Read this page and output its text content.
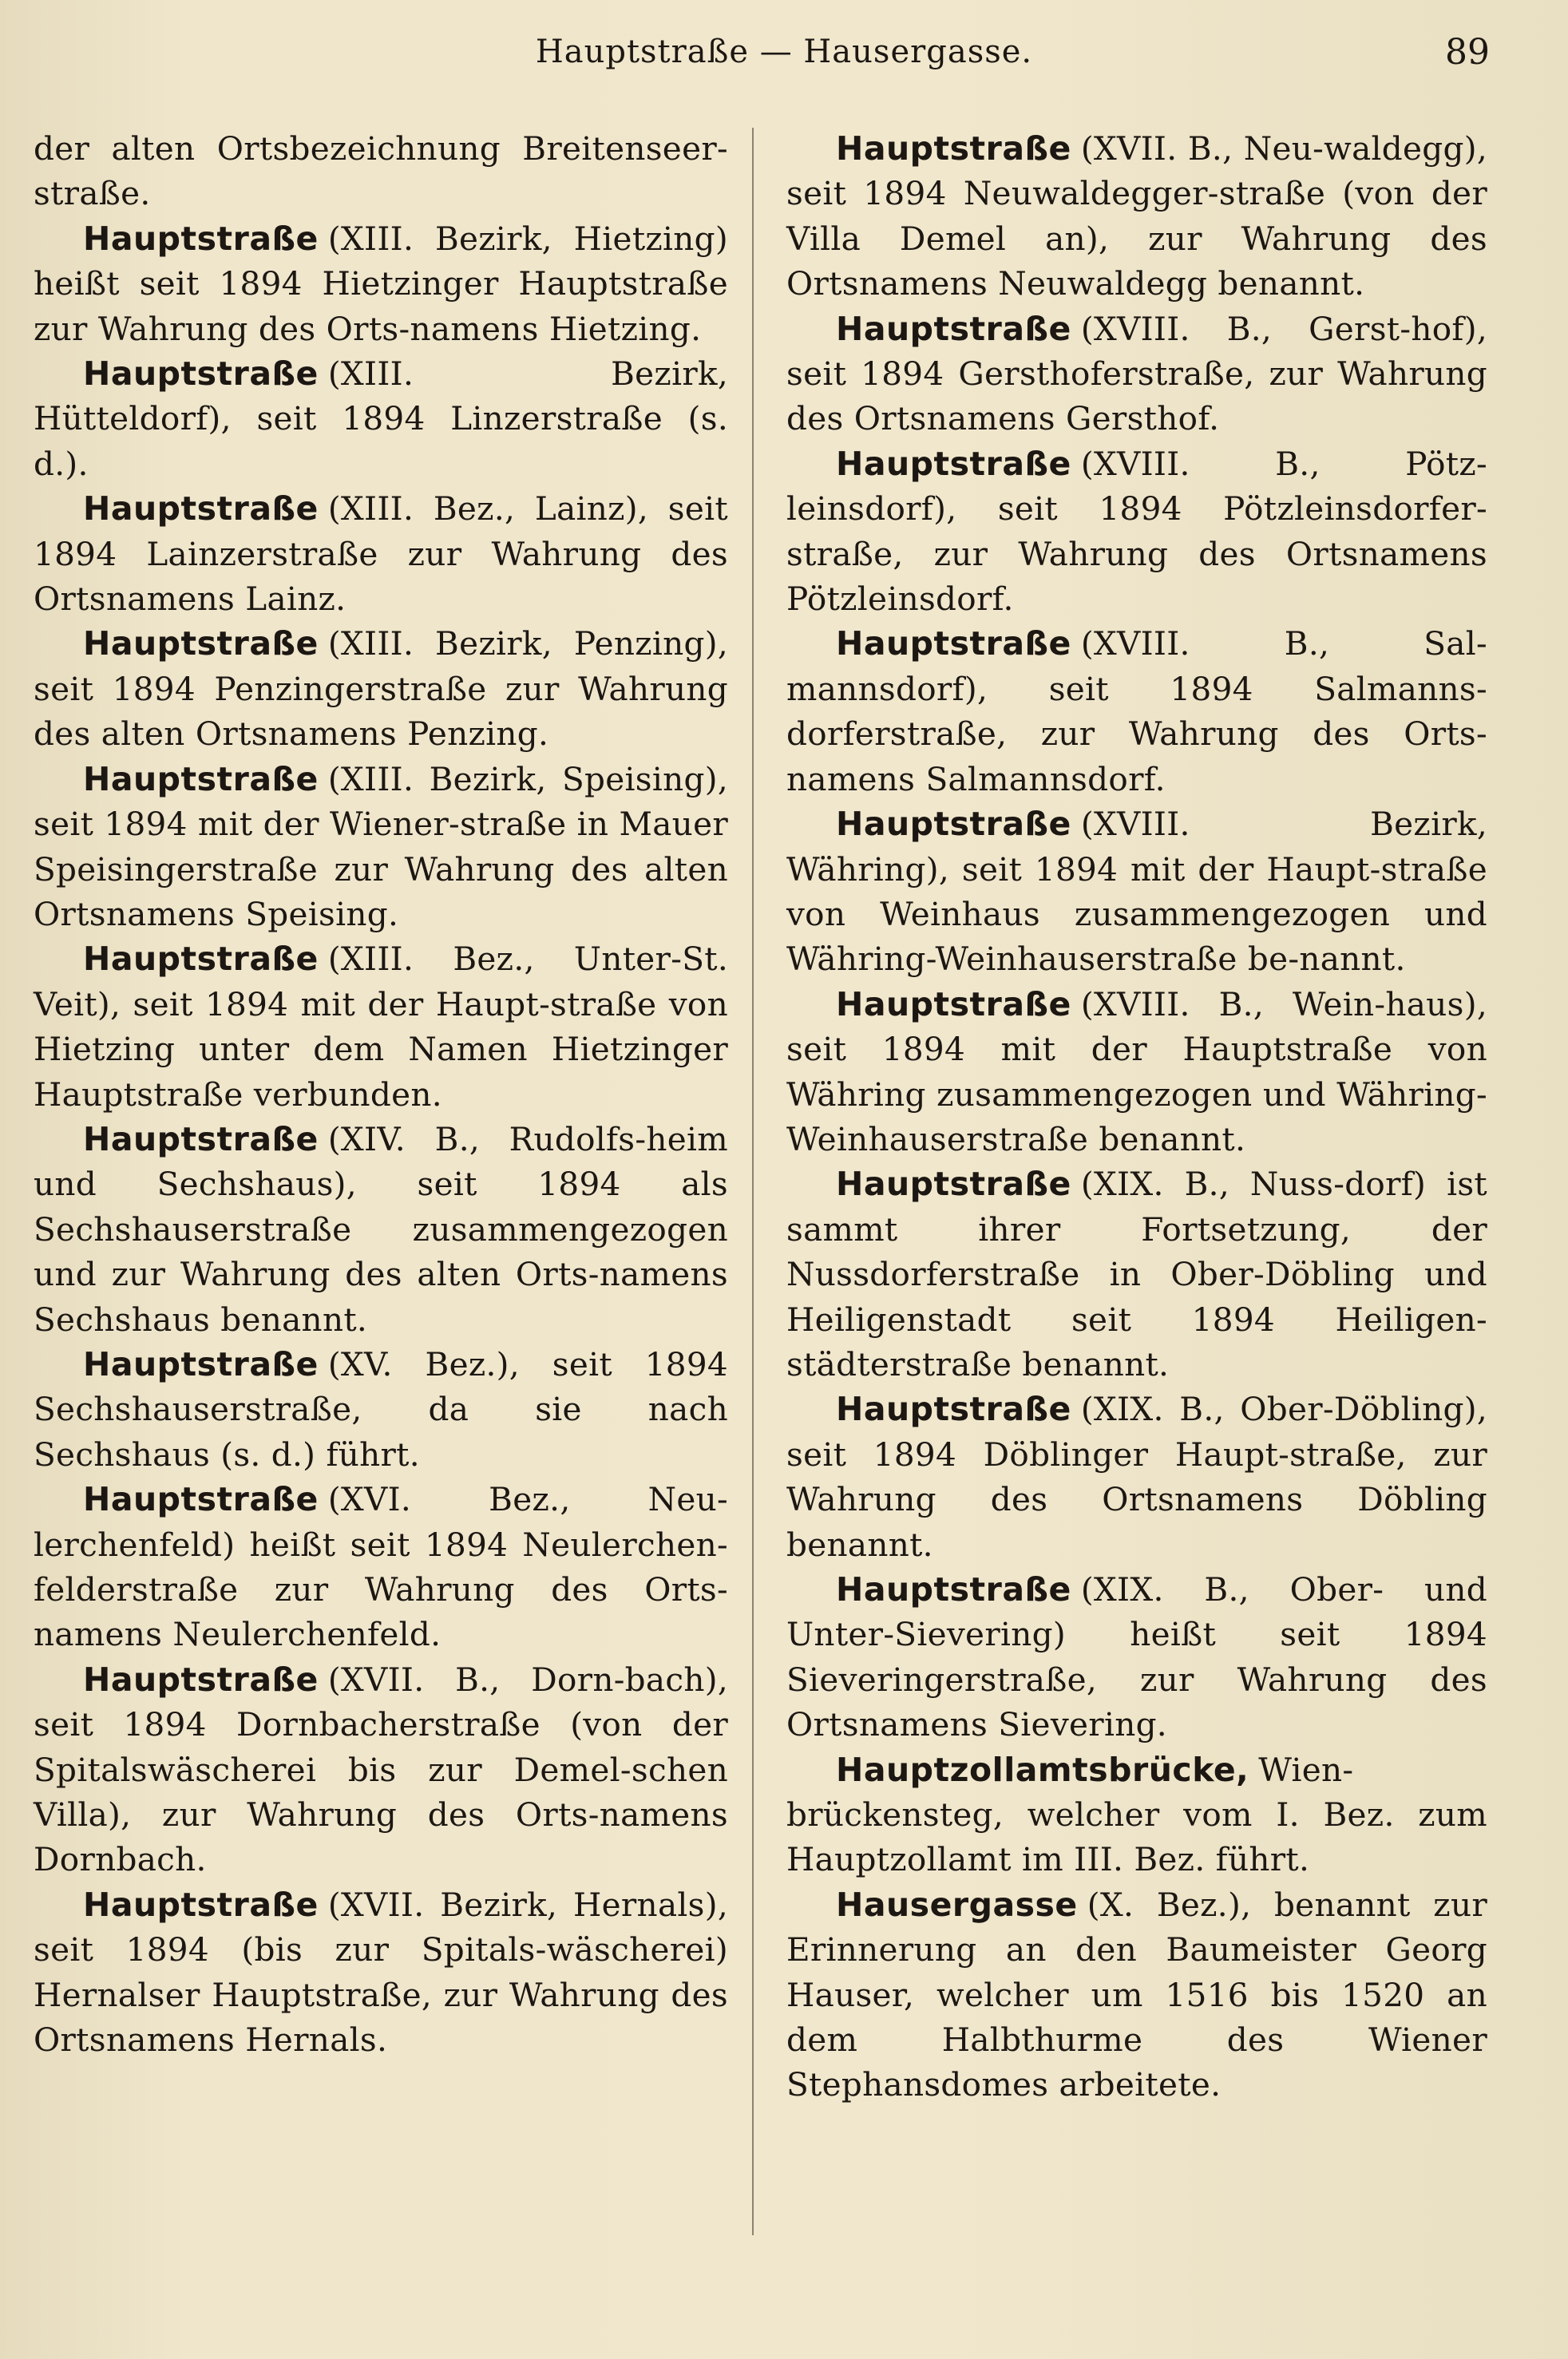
Hauptstraße — Hausergasse.	89

der alten Ortsbezeichnung Breitenseer-straße.

Hauptstraße (XIII. Bezirk, Hietzing) heißt seit 1894 Hietzinger Hauptstraße zur Wahrung des Orts-namens Hietzing.

Hauptstraße (XIII. Bezirk, Hütteldorf), seit 1894 Linzerstraße (s. d.).

Hauptstraße (XIII. Bez., Lainz), seit 1894 Lainzerstraße zur Wahrung des Ortsnamens Lainz.

Hauptstraße (XIII. Bezirk, Penzing), seit 1894 Penzingerstraße zur Wahrung des alten Ortsnamens Penzing.

Hauptstraße (XIII. Bezirk, Speising), seit 1894 mit der Wiener-straße in Mauer Speisingerstraße zur Wahrung des alten Ortsnamens Speising.

Hauptstraße (XIII. Bez., Unter-St. Veit), seit 1894 mit der Haupt-straße von Hietzing unter dem Namen Hietzinger Hauptstraße verbunden.

Hauptstraße (XIV. B., Rudolfs-heim und Sechshaus), seit 1894 als Sechshauserstraße zusammengezogen und zur Wahrung des alten Orts-namens Sechshaus benannt.

Hauptstraße (XV. Bez.), seit 1894 Sechshauserstraße, da sie nach Sechshaus (s. d.) führt.

Hauptstraße (XVI. Bez., Neu-lerchenfeld) heißt seit 1894 Neulerchen-felderstraße zur Wahrung des Orts-namens Neulerchenfeld.

Hauptstraße (XVII. B., Dorn-bach), seit 1894 Dornbacherstraße (von der Spitalswäscherei bis zur Demel-schen Villa), zur Wahrung des Orts-namens Dornbach.

Hauptstraße (XVII. Bezirk, Hernals), seit 1894 (bis zur Spitals-wäscherei) Hernalser Hauptstraße, zur Wahrung des Ortsnamens Hernals.

Hauptstraße (XVII. B., Neu-waldegg), seit 1894 Neuwaldegger-straße (von der Villa Demel an), zur Wahrung des Ortsnamens Neuwaldegg benannt.

Hauptstraße (XVIII. B., Gerst-hof), seit 1894 Gersthoferstraße, zur Wahrung des Ortsnamens Gersthof.

Hauptstraße (XVIII. B., Pötz-leinsdorf), seit 1894 Pötzleinsdorfer-straße, zur Wahrung des Ortsnamens Pötzleinsdorf.

Hauptstraße (XVIII. B., Sal-mannsdorf), seit 1894 Salmanns-dorferstraße, zur Wahrung des Orts-namens Salmannsdorf.

Hauptstraße (XVIII. Bezirk, Währing), seit 1894 mit der Haupt-straße von Weinhaus zusammengezogen und Währing-Weinhauserstraße be-nannt.

Hauptstraße (XVIII. B., Wein-haus), seit 1894 mit der Hauptstraße von Währing zusammengezogen und Währing-Weinhauserstraße benannt.

Hauptstraße (XIX. B., Nuss-dorf) ist sammt ihrer Fortsetzung, der Nussdorferstraße in Ober-Döbling und Heiligenstadt seit 1894 Heiligen-städterstraße benannt.

Hauptstraße (XIX. B., Ober-Döbling), seit 1894 Döblinger Haupt-straße, zur Wahrung des Ortsnamens Döbling benannt.

Hauptstraße (XIX. B., Ober- und Unter-Sievering) heißt seit 1894 Sieveringerstraße, zur Wahrung des Ortsnamens Sievering.

Hauptzollamtsbrücke, Wien-brückensteg, welcher vom I. Bez. zum Hauptzollamt im III. Bez. führt.

Hausergasse (X. Bez.), benannt zur Erinnerung an den Baumeister Georg Hauser, welcher um 1516 bis 1520 an dem Halbthurme des Wiener Stephansdomes arbeitete.
